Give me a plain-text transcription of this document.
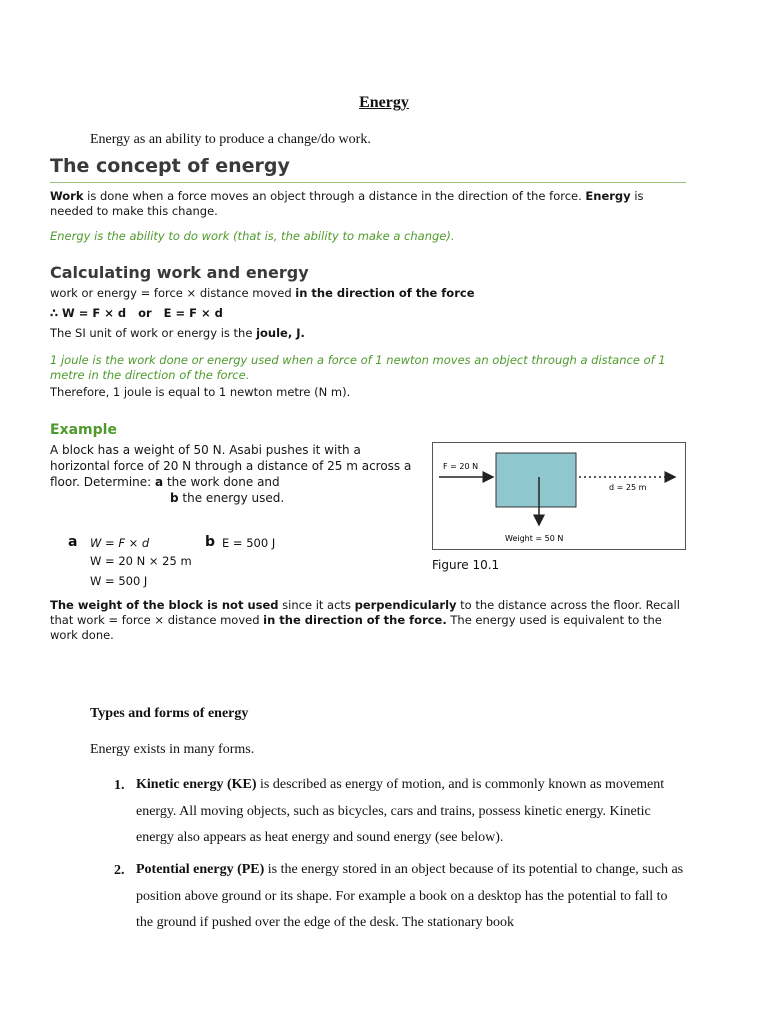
Energy
Energy as an ability to produce a change/do work.
The concept of energy

Work is done when a force moves an object through a distance in the direction of the force. Energy is needed to make this change.

Energy is the ability to do work (that is, the ability to make a change).

Calculating work and energy

work or energy = force × distance moved in the direction of the force

∴ W = F × d   or   E = F × d

The SI unit of work or energy is the joule, J.

1 joule is the work done or energy used when a force of 1 newton moves an object through a distance of 1 metre in the direction of the force.

Therefore, 1 joule is equal to 1 newton metre (N m).

Example

A block has a weight of 50 N. Asabi pushes it with a horizontal force of 20 N through a distance of 25 m across a floor. Determine: a the work done and
b the energy used.

a W = F × d	b E = 500 J
W = 20 N × 25 m
W = 500 J
F = 20 N
d = 25 m
Weight = 50 N
Figure 10.1

The weight of the block is not used since it acts perpendicularly to the distance across the floor. Recall that work = force × distance moved in the direction of the force. The energy used is equivalent to the work done.

Types and forms of energy
Energy exists in many forms.
1. Kinetic energy (KE) is described as energy of motion, and is commonly known as movement energy. All moving objects, such as bicycles, cars and trains, possess kinetic energy. Kinetic energy also appears as heat energy and sound energy (see below).
2. Potential energy (PE) is the energy stored in an object because of its potential to change, such as position above ground or its shape. For example a book on a desktop has the potential to fall to the ground if pushed over the edge of the desk. The stationary book
